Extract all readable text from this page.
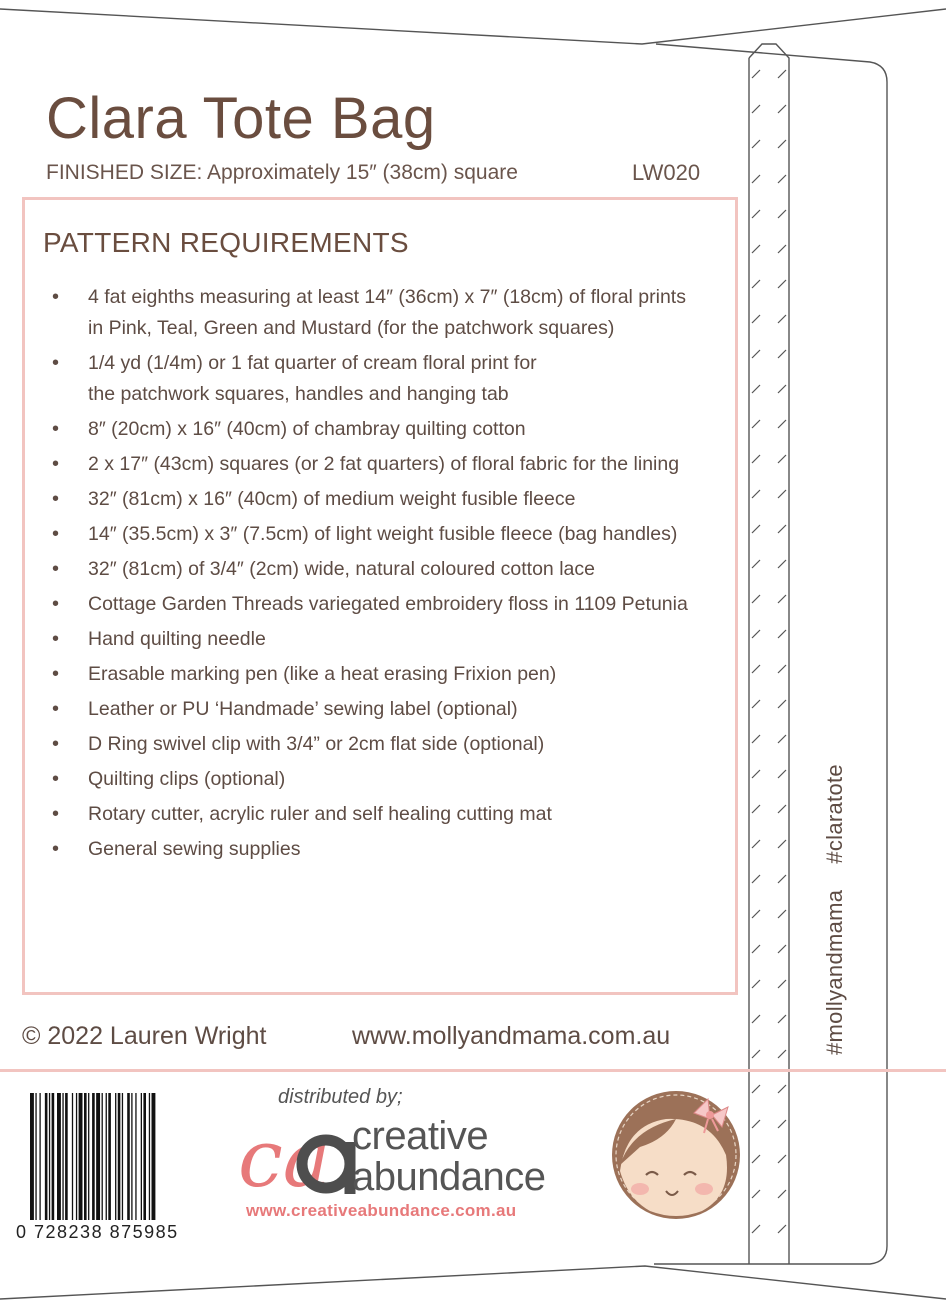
Clara Tote Bag
FINISHED SIZE: Approximately 15″ (38cm) square	LW020
PATTERN REQUIREMENTS
• 4 fat eighths measuring at least 14″ (36cm) x 7″ (18cm) of floral prints
in Pink, Teal, Green and Mustard (for the patchwork squares)
• 1/4 yd (1/4m) or 1 fat quarter of cream floral print for
the patchwork squares, handles and hanging tab
• 8″ (20cm) x 16″ (40cm) of chambray quilting cotton
• 2 x 17″ (43cm) squares (or 2 fat quarters) of floral fabric for the lining
• 32″ (81cm) x 16″ (40cm) of medium weight fusible fleece
• 14″ (35.5cm) x 3″ (7.5cm) of light weight fusible fleece (bag handles)
• 32″ (81cm) of 3/4″ (2cm) wide, natural coloured cotton lace
• Cottage Garden Threads variegated embroidery floss in 1109 Petunia
• Hand quilting needle
• Erasable marking pen (like a heat erasing Frixion pen)
• Leather or PU ‘Handmade’ sewing label (optional)
• D Ring swivel clip with 3/4” or 2cm flat side (optional)
• Quilting clips (optional)
• Rotary cutter, acrylic ruler and self healing cutting mat
• General sewing supplies
© 2022 Lauren Wright	www.mollyandmama.com.au	#mollyandmama#claratote
0 728238 875985
distributed by;
ca creative
abundance
www.creativeabundance.com.au
